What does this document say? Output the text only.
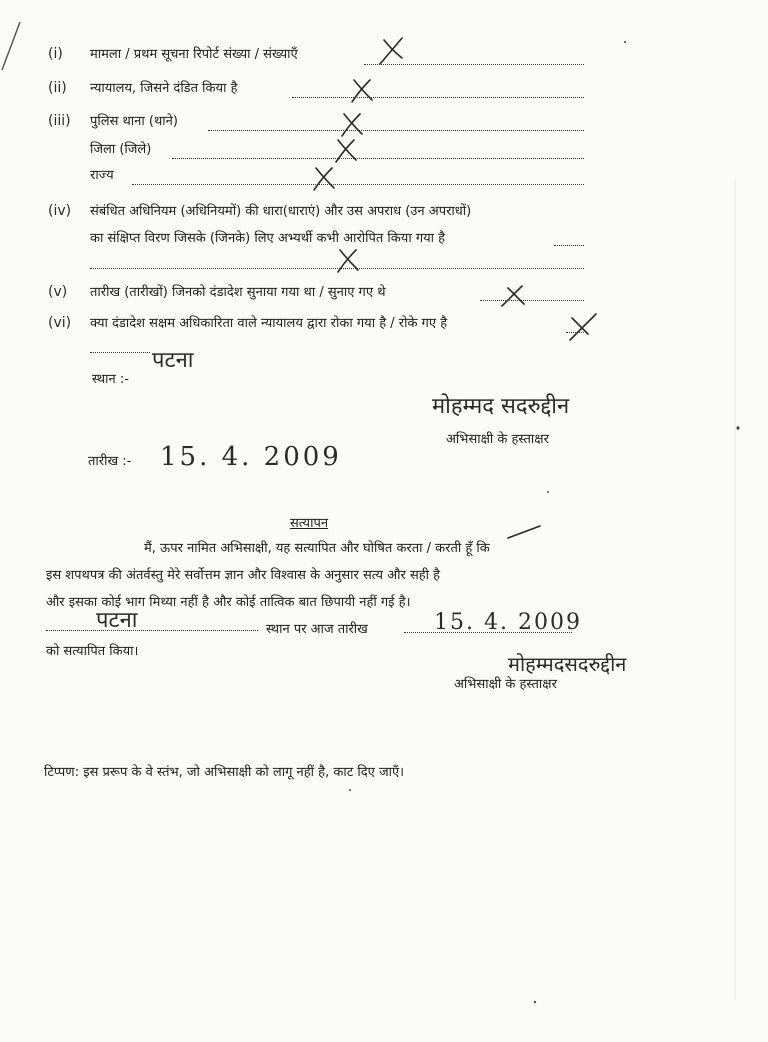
(i) मामला / प्रथम सूचना रिपोर्ट संख्या / संख्याएँ
(ii) न्यायालय, जिसने दंडित किया है
(iii) पुलिस थाना (थाने)
जिला (जिले)
राज्य
(iv) संबंधित अधिनियम (अधिनियमों) की धारा(धाराएं) और उस अपराध (उन अपराधों)
का संक्षिप्त विरण जिसके (जिनके) लिए अभ्यर्थी कभी आरोपित किया गया है
(v) तारीख (तारीखों) जिनको दंडादेश सुनाया गया था / सुनाए गए थे
(vi) क्या दंडादेश सक्षम अधिकारिता वाले न्यायालय द्वारा रोका गया है / रोके गए है
पटना
स्थान :-
मोहम्मद सदरुद्दीन
अभिसाक्षी के हस्ताक्षर
तारीख :- 15. 4. 2009
सत्यापन
मैं, ऊपर नामित अभिसाक्षी, यह सत्यापित और घोषित करता / करती हूँ कि
इस शपथपत्र की अंतर्वस्तु मेरे सर्वोत्तम ज्ञान और विश्वास के अनुसार सत्य और सही है
और इसका कोई भाग मिथ्या नहीं है और कोई तात्विक बात छिपायी नहीं गई है।
पटना	स्थान पर आज तारीख	15. 4. 2009
को सत्यापित किया।
मोहम्मदसदरुद्दीन
अभिसाक्षी के हस्ताक्षर
टिप्पण: इस प्ररूप के वे स्तंभ, जो अभिसाक्षी को लागू नहीं है, काट दिए जाएँ।
